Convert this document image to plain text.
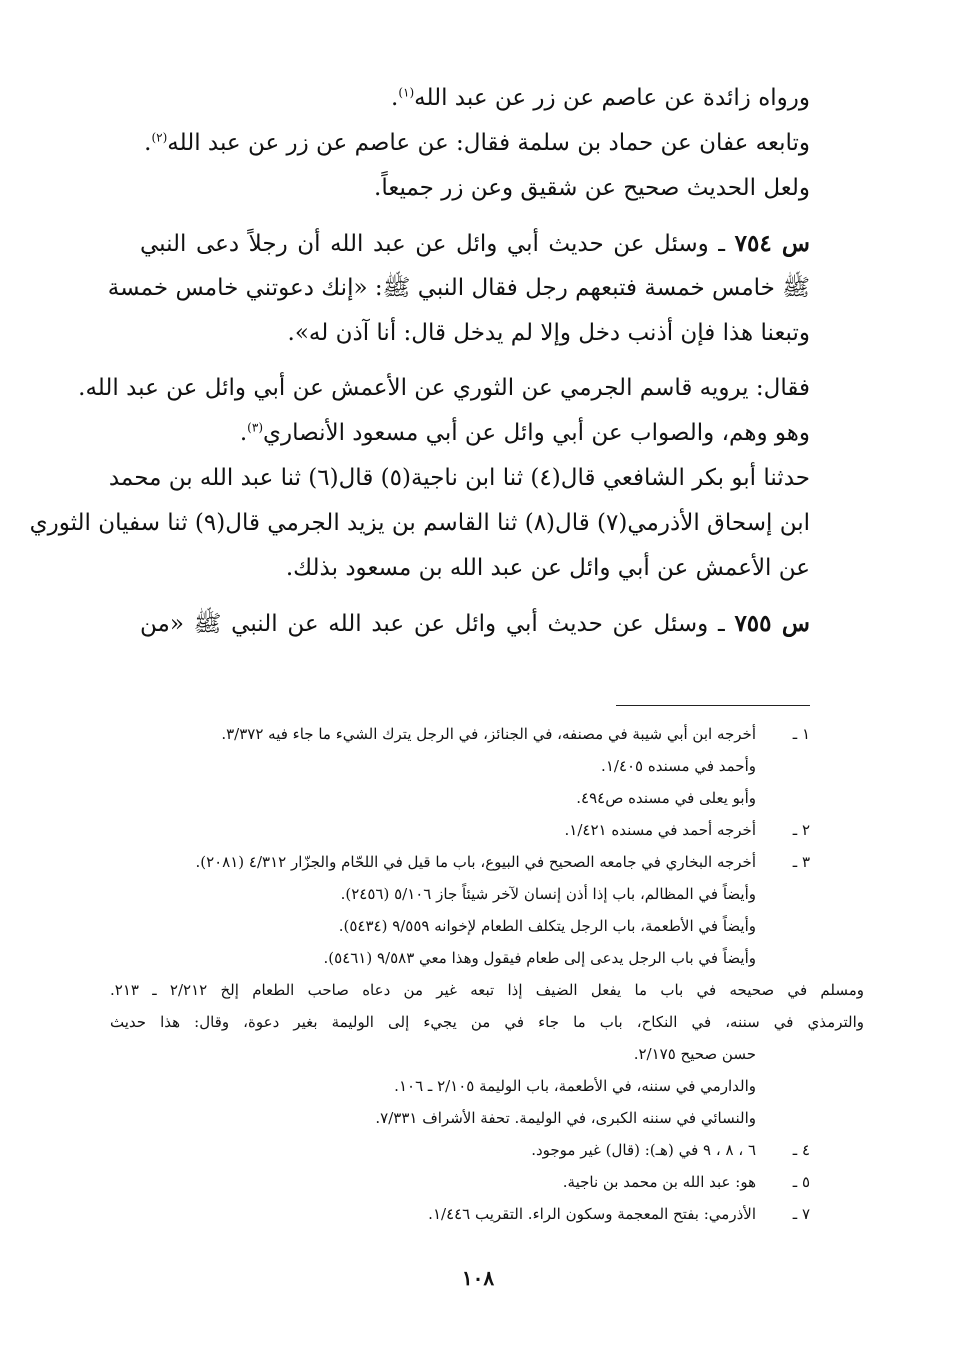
ورواه زائدة عن عاصم عن زر عن عبد الله$^{(١)}$.
وتابعه عفان عن حماد بن سلمة فقال: عن عاصم عن زر عن عبد الله$^{(٢)}$.
ولعل الحديث صحيح عن شقيق وعن زر جميعاً.
س ٧٥٤ ـ وسئل عن حديث أبي وائل عن عبد الله أن رجلاً دعى النبي
ﷺ خامس خمسة فتبعهم رجل فقال النبي ﷺ: «إنك دعوتني خامس خمسة
وتبعنا هذا فإن أذنب دخل وإلا لم يدخل قال: أنا آذن له».
فقال: يرويه قاسم الجرمي عن الثوري عن الأعمش عن أبي وائل عن عبد الله.
وهو وهم، والصواب عن أبي وائل عن أبي مسعود الأنصاري$^{(٣)}$.
حدثنا أبو بكر الشافعي قال(٤) ثنا ابن ناجية(٥) قال(٦) ثنا عبد الله بن محمد
ابن إسحاق الأذرمي(٧) قال(٨) ثنا القاسم بن يزيد الجرمي قال(٩) ثنا سفيان الثوري
عن الأعمش عن أبي وائل عن عبد الله بن مسعود بذلك.
س ٧٥٥ ـ وسئل عن حديث أبي وائل عن عبد الله عن النبي ﷺ «من
١ ـأخرجه ابن أبي شيبة في مصنفه، في الجنائز، في الرجل يترك الشيء ما جاء فيه ٣/٣٧٢.
وأحمد في مسنده ١/٤٠٥.
وأبو يعلى في مسنده ص٤٩٤.
٢ ـأخرجه أحمد في مسنده ١/٤٢١.
٣ ـأخرجه البخاري في جامعه الصحيح في البيوع، باب ما قيل في اللحّام والجزّار ٤/٣١٢ (٢٠٨١).
وأيضاً في المظالم، باب إذا أذن إنسان لآخر شيئاً جاز ٥/١٠٦ (٢٤٥٦).
وأيضاً في الأطعمة، باب الرجل يتكلف الطعام لإخوانه ٩/٥٥٩ (٥٤٣٤).
وأيضاً في باب الرجل يدعى إلى طعام فيقول وهذا معي ٩/٥٨٣ (٥٤٦١).
ومسلم في صحيحه في باب ما يفعل الضيف إذا تبعه غير من دعاه صاحب الطعام إلخ ٢/٢١٢ ـ ٢١٣.
والترمذي في سننه، في النكاح، باب ما جاء في من يجيء إلى الوليمة بغير دعوة، وقال: هذا حديث
حسن صحيح ٢/١٧٥.
والدارمي في سننه، في الأطعمة، باب الوليمة ٢/١٠٥ ـ ١٠٦.
والنسائي في سننه الكبرى، في الوليمة. تحفة الأشراف ٧/٣٣١.
٤ ـ٦ ، ٨ ، ٩ في (هـ): (قال) غير موجود.
٥ ـهو: عبد الله بن محمد بن ناجية.
٧ ـالأذرمي: بفتح المعجمة وسكون الراء. التقريب ١/٤٤٦.
١٠٨
